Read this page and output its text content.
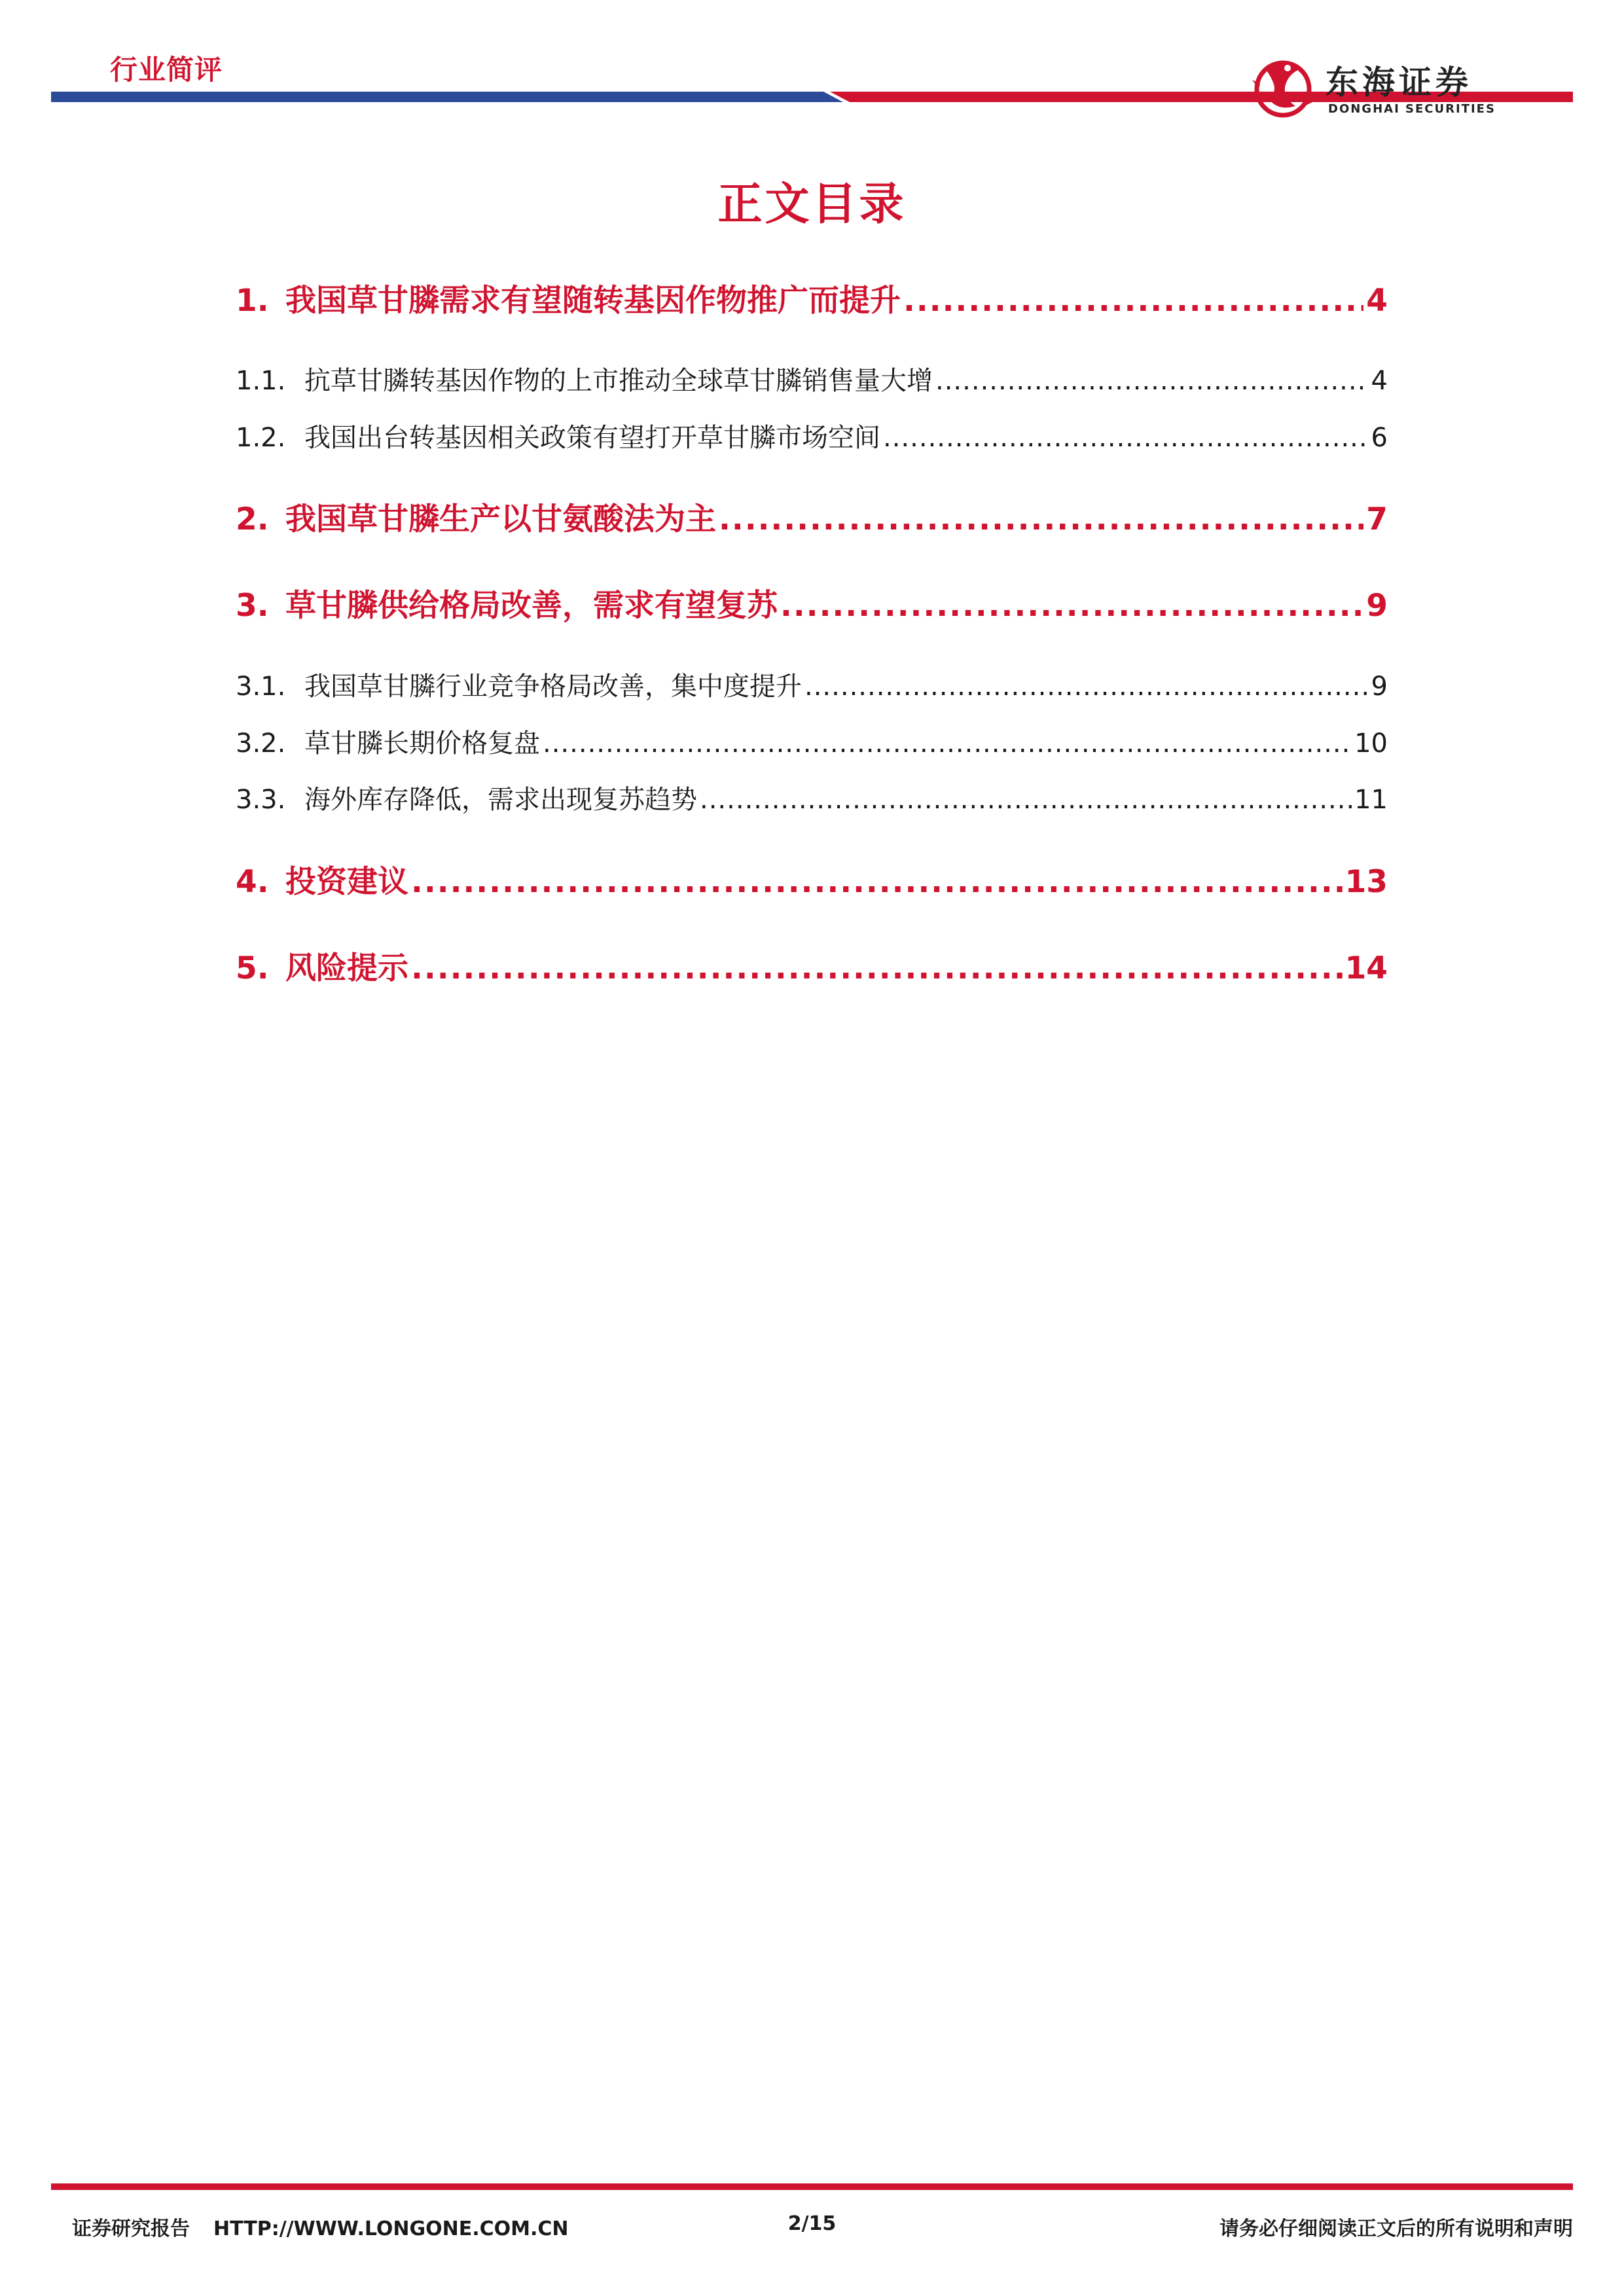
行业简评	东海证券
DONGHAI SECURITIES
正文目录
1. 我国草甘膦需求有望随转基因作物推广而提升 .....	4
1.1. 抗草甘膦转基因作物的上市推动全球草甘膦销售量大增 .....	4
1.2. 我国出台转基因相关政策有望打开草甘膦市场空间 .....	6
2. 我国草甘膦生产以甘氨酸法为主 .....	7
3. 草甘膦供给格局改善，需求有望复苏 .....	9
3.1. 我国草甘膦行业竞争格局改善，集中度提升 .....	9
3.2. 草甘膦长期价格复盘 .....	10
3.3. 海外库存降低，需求出现复苏趋势 .....	11
4. 投资建议 .....	13
5. 风险提示 .....	14
证券研究报告 HTTP://WWW.LONGONE.COM.CN	2/15	请务必仔细阅读正文后的所有说明和声明
